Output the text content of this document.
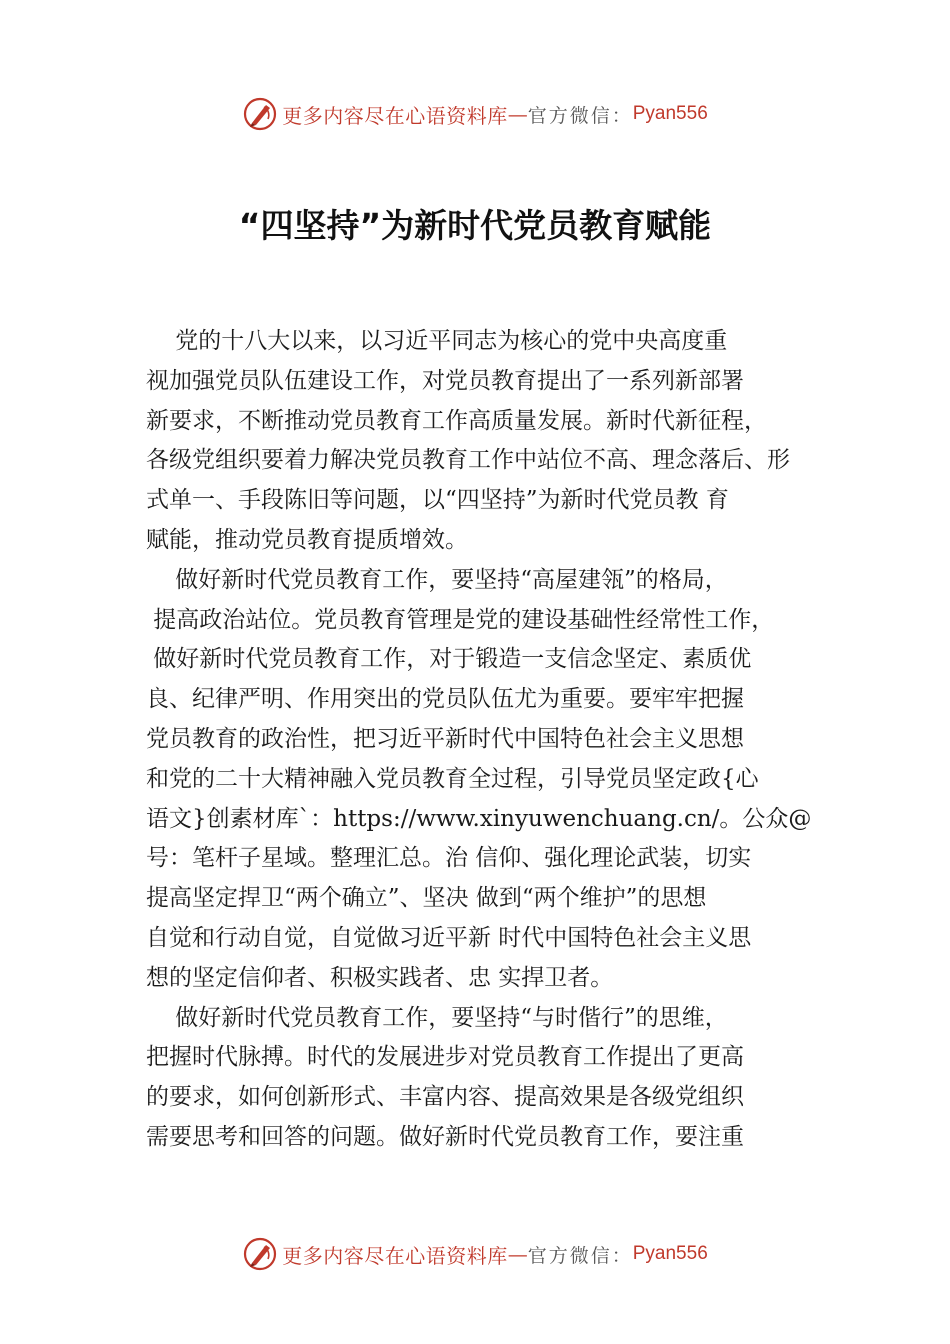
更多内容尽在心语资料库 — 官方微信： Pyan556
“四坚持”为新时代党员教育赋能
党的十八大以来，以习近平同志为核心的党中央高度重
视加强党员队伍建设工作，对党员教育提出了一系列新部署
新要求，不断推动党员教育工作高质量发展。新时代新征程，
各级党组织要着力解决党员教育工作中站位不高、理念落后、形
式单一、手段陈旧等问题，以“四坚持”为新时代党员教 育
赋能，推动党员教育提质增效。
做好新时代党员教育工作，要坚持“高屋建瓴”的格局，
提高政治站位。党员教育管理是党的建设基础性经常性工作，
做好新时代党员教育工作，对于锻造一支信念坚定、素质优
良、纪律严明、作用突出的党员队伍尤为重要。要牢牢把握
党员教育的政治性，把习近平新时代中国特色社会主义思想
和党的二十大精神融入党员教育全过程，引导党员坚定政{心
语文}创素材库`：https://www.xinyuwenchuang.cn/。公众@
号：笔杆子星域。整理汇总。治 信仰、强化理论武装，切实
提高坚定捍卫“两个确立”、坚决 做到“两个维护”的思想
自觉和行动自觉，自觉做习近平新 时代中国特色社会主义思
想的坚定信仰者、积极实践者、忠 实捍卫者。
做好新时代党员教育工作，要坚持“与时偕行”的思维，
把握时代脉搏。时代的发展进步对党员教育工作提出了更高
的要求，如何创新形式、丰富内容、提高效果是各级党组织
需要思考和回答的问题。做好新时代党员教育工作，要注重
更多内容尽在心语资料库 — 官方微信： Pyan556
